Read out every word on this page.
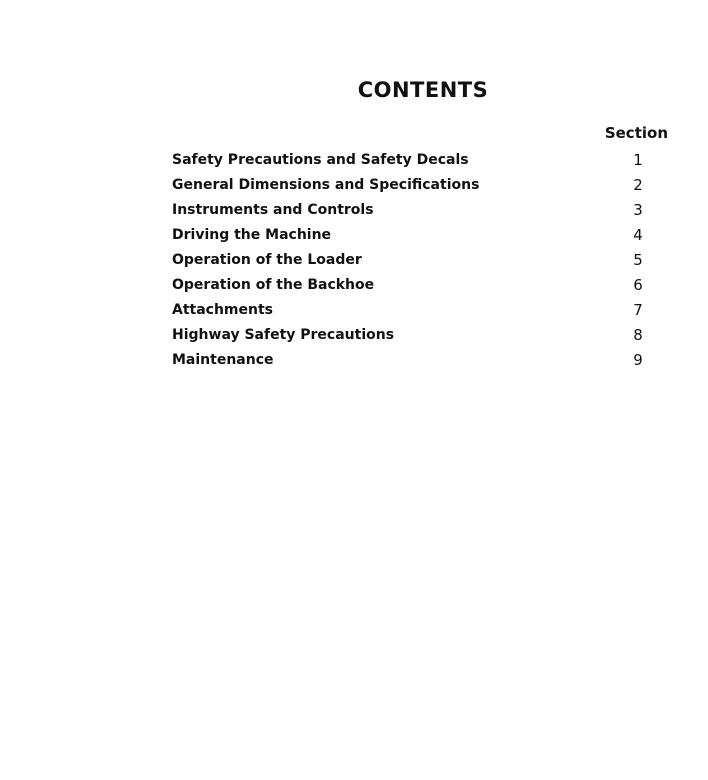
CONTENTS
Section
Safety Precautions and Safety Decals	1
General Dimensions and Specifications	2
Instruments and Controls	3
Driving the Machine	4
Operation of the Loader	5
Operation of the Backhoe	6
Attachments	7
Highway Safety Precautions	8
Maintenance	9
